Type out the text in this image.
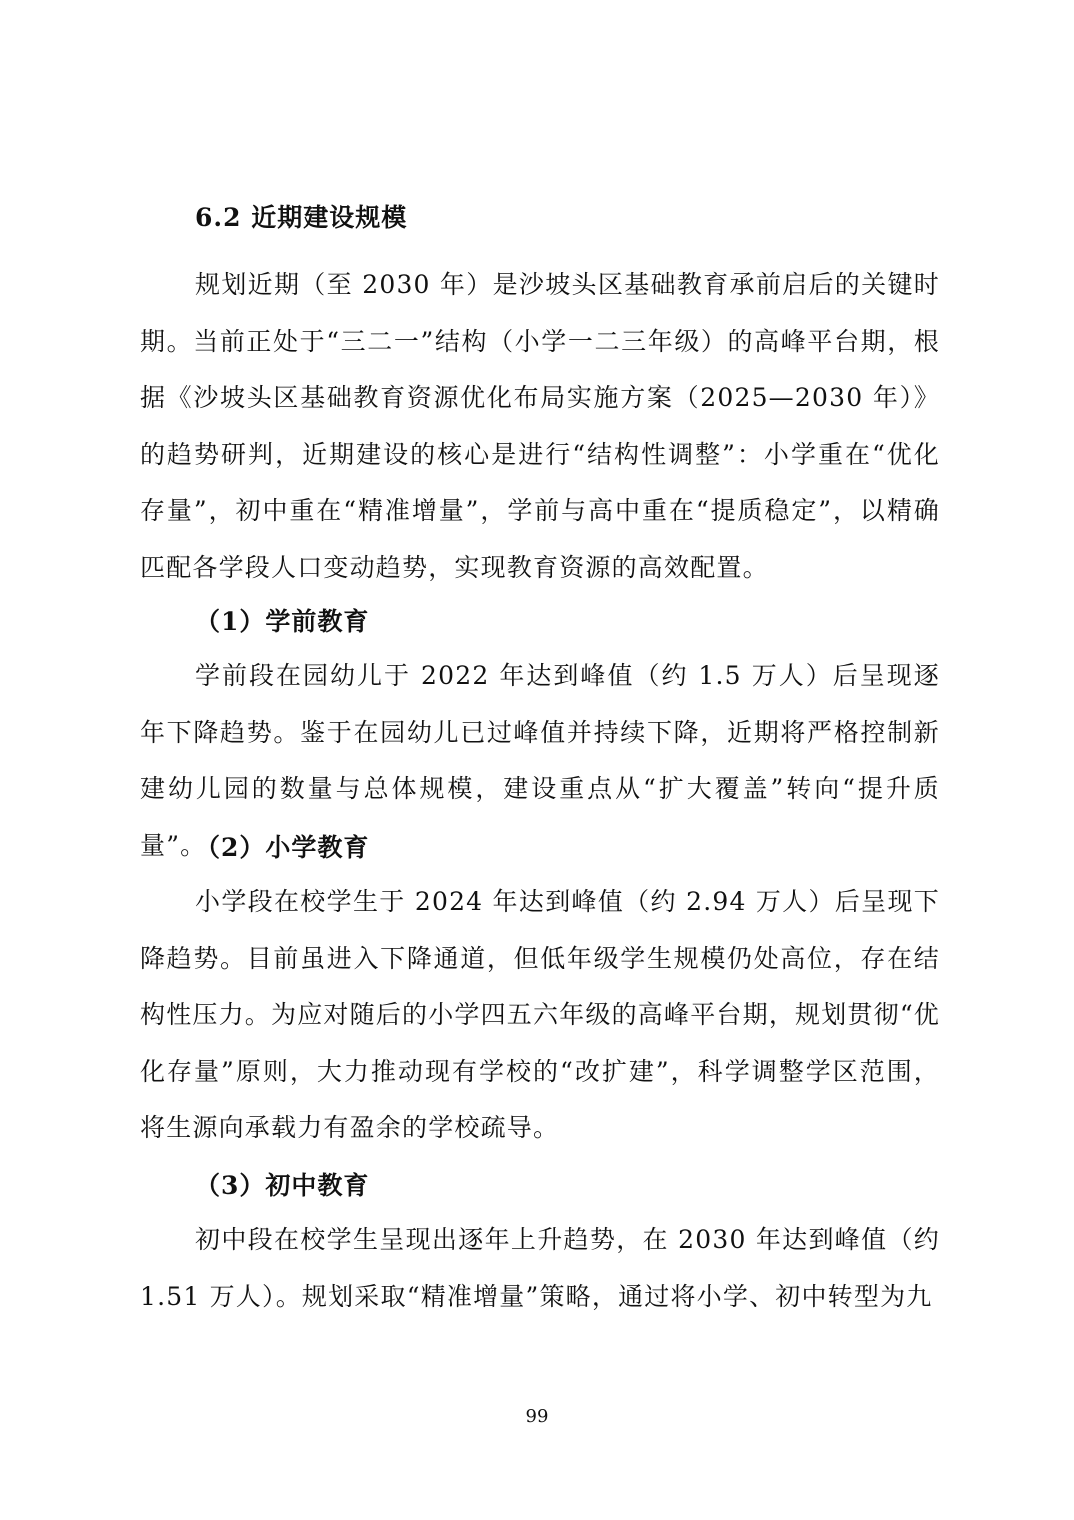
6.2 近期建设规模

规划近期（至 2030 年）是沙坡头区基础教育承前启后的关键时期。当前正处于“三二一”结构（小学一二三年级）的高峰平台期，根据《沙坡头区基础教育资源优化布局实施方案（2025—2030 年）》的趋势研判，近期建设的核心是进行“结构性调整”：小学重在“优化存量”，初中重在“精准增量”，学前与高中重在“提质稳定”，以精确匹配各学段人口变动趋势，实现教育资源的高效配置。

（1）学前教育

学前段在园幼儿于 2022 年达到峰值（约 1.5 万人）后呈现逐年下降趋势。鉴于在园幼儿已过峰值并持续下降，近期将严格控制新建幼儿园的数量与总体规模，建设重点从“扩大覆盖”转向“提升质量”。

（2）小学教育

小学段在校学生于 2024 年达到峰值（约 2.94 万人）后呈现下降趋势。目前虽进入下降通道，但低年级学生规模仍处高位，存在结构性压力。为应对随后的小学四五六年级的高峰平台期，规划贯彻“优化存量”原则，大力推动现有学校的“改扩建”，科学调整学区范围，将生源向承载力有盈余的学校疏导。

（3）初中教育

初中段在校学生呈现出逐年上升趋势，在 2030 年达到峰值（约 1.51 万人）。规划采取“精准增量”策略，通过将小学、初中转型为九

99
